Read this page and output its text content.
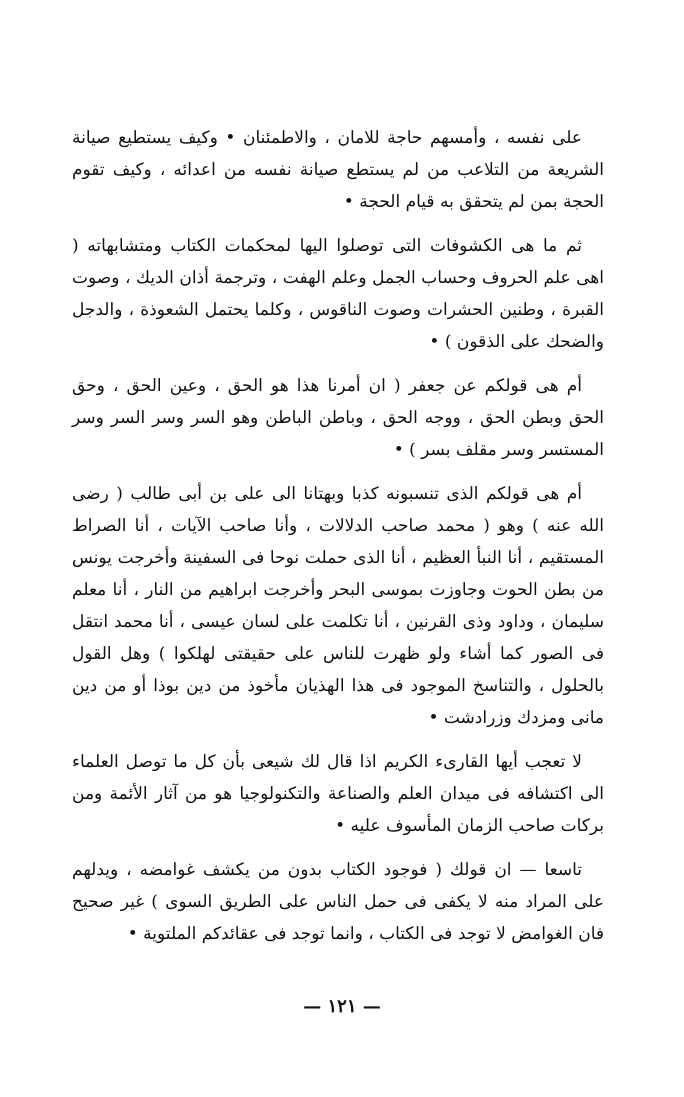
على نفسه ، وأمسهم حاجة للامان ، والاطمئنان • وكيف يستطيع صيانة الشريعة من التلاعب من لم يستطع صيانة نفسه من اعدائه ، وكيف تقوم الحجة بمن لم يتحقق به قيام الحجة •

ثم ما هى الكشوفات التى توصلوا اليها لمحكمات الكتاب ومتشابهاته ( اهى علم الحروف وحساب الجمل وعلم الهفت ، وترجمة أذان الديك ، وصوت القبرة ، وطنين الحشرات وصوت الناقوس ، وكلما يحتمل الشعوذة ، والدجل والضحك على الذقون ) •

أم هى قولكم عن جعفر ( ان أمرنا هذا هو الحق ، وعين الحق ، وحق الحق وبطن الحق ، ووجه الحق ، وباطن الباطن وهو السر وسر السر وسر المستسر وسر مقلف بسر ) •

أم هى قولكم الذى تنسبونه كذبا وبهتانا الى على بن أبى طالب ( رضى الله عنه ) وهو ( محمد صاحب الدلالات ، وأنا صاحب الآيات ، أنا الصراط المستقيم ، أنا النبأ العظيم ، أنا الذى حملت نوحا فى السفينة وأخرجت يونس من بطن الحوت وجاوزت بموسى البحر وأخرجت ابراهيم من النار ، أنا معلم سليمان ، وداود وذى القرنين ، أنا تكلمت على لسان عيسى ، أنا محمد انتقل فى الصور كما أشاء ولو ظهرت للناس على حقيقتى لهلكوا ) وهل القول بالحلول ، والتناسخ الموجود فى هذا الهذيان مأخوذ من دين بوذا أو من دين مانى ومزدك وزرادشت •

لا تعجب أيها القارىء الكريم اذا قال لك شيعى بأن كل ما توصل العلماء الى اكتشافه فى ميدان العلم والصناعة والتكنولوجيا هو من آثار الأئمة ومن بركات صاحب الزمان المأسوف عليه •

تاسعا — ان قولك ( فوجود الكتاب بدون من يكشف غوامضه ، ويدلهم على المراد منه لا يكفى فى حمل الناس على الطريق السوى ) غير صحيح فان الغوامض لا توجد فى الكتاب ، وانما توجد فى عقائدكم الملتوية •

— ١٢١ —
